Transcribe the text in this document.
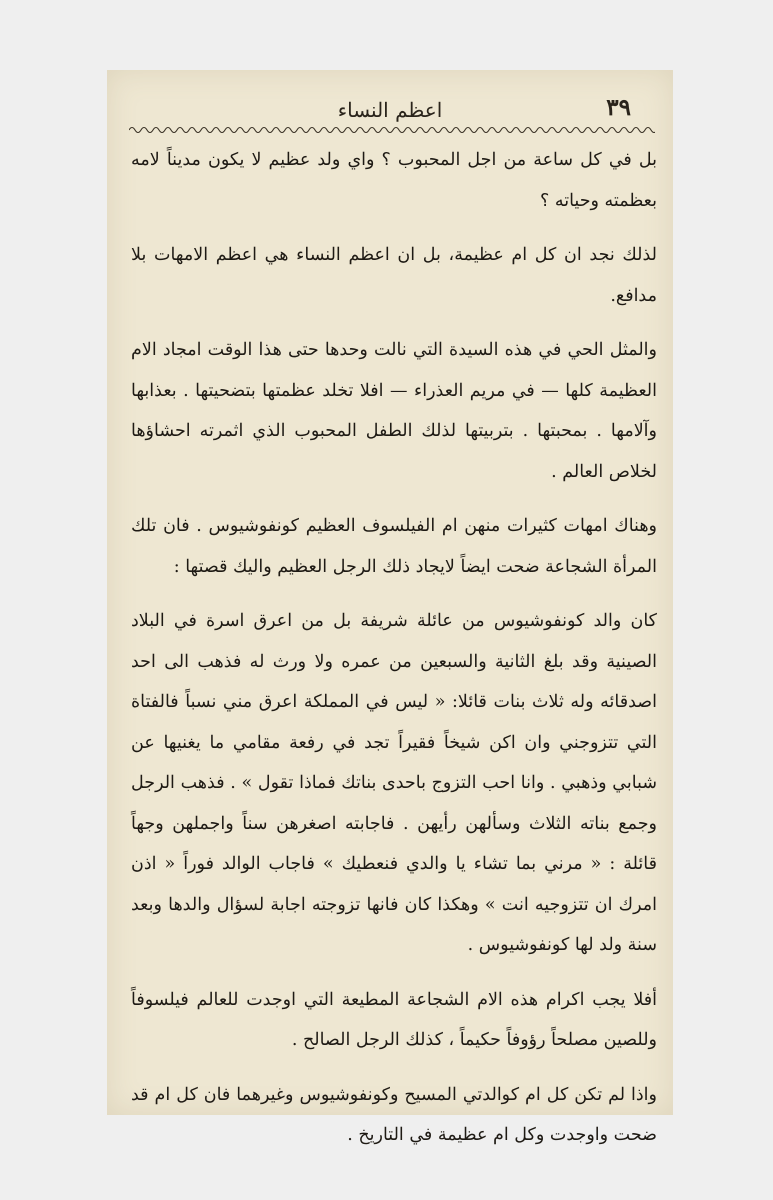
٣٩
اعظم النساء

بل في كل ساعة من اجل المحبوب ؟ واي ولد عظيم لا يكون مديناً لامه بعظمته وحياته ؟

لذلك نجد ان كل ام عظيمة، بل ان اعظم النساء هي اعظم الامهات بلا مدافع.

والمثل الحي في هذه السيدة التي نالت وحدها حتى هذا الوقت امجاد الام العظيمة كلها — في مريم العذراء — افلا تخلد عظمتها بتضحيتها . بعذابها وآلامها . بمحبتها . بتربيتها لذلك الطفل المحبوب الذي اثمرته احشاؤها لخلاص العالم .

وهناك امهات كثيرات منهن ام الفيلسوف العظيم كونفوشيوس . فان تلك المرأة الشجاعة ضحت ايضاً لايجاد ذلك الرجل العظيم واليك قصتها :

كان والد كونفوشيوس من عائلة شريفة بل من اعرق اسرة في البلاد الصينية وقد بلغ الثانية والسبعين من عمره ولا ورث له فذهب الى احد اصدقائه وله ثلاث بنات قائلا: « ليس في المملكة اعرق مني نسباً فالفتاة التي تتزوجني وان اكن شيخاً فقيراً تجد في رفعة مقامي ما يغنيها عن شبابي وذهبي . وانا احب التزوج باحدى بناتك فماذا تقول » . فذهب الرجل وجمع بناته الثلاث وسألهن رأيهن . فاجابته اصغرهن سناً واجملهن وجهاً قائلة : « مرني بما تشاء يا والدي فنعطيك » فاجاب الوالد فوراً « اذن امرك ان تتزوجيه انت » وهكذا كان فانها تزوجته اجابة لسؤال والدها وبعد سنة ولد لها كونفوشيوس .

أفلا يجب اكرام هذه الام الشجاعة المطيعة التي اوجدت للعالم فيلسوفاً وللصين مصلحاً رؤوفاً حكيماً ، كذلك الرجل الصالح .

واذا لم تكن كل ام كوالدتي المسيح وكونفوشيوس وغيرهما فان كل ام قد ضحت واوجدت وكل ام عظيمة في التاريخ .
